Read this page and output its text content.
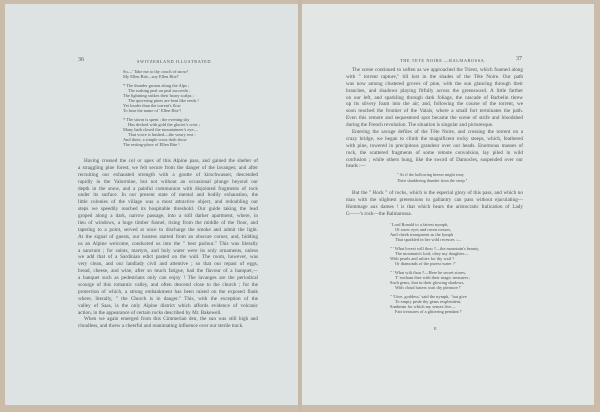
36	SWITZERLAND ILLUSTRATED
So—' Take me to thy couch of snow!
My Ellen Bite—my Ellen Bite!'
* The thunder groans along the Alps ;
The rushing peal on peal succeeds ;
The lightning strikes their hoary scalps ;
The quivering pines are bent like reeds !
Yet louder than the torrent's flow
To hear the name of ' Ellen Bite'!
* The storm is spent ; the evening sky
Has decked with gold the glacier's crest ;
Many hath closed the mountaineer's eye—
That voice is hushed—the weary rest ;
And there, a simple cross doth show
The resting-place of Ellen Bite !
Having crossed the col or apex of this Alpine pass, and gained the shelter of
a straggling pine forest, we felt secure from the danger of the lavanges; and after
recruiting our exhausted strength with a goutte of kirschwasser, descended
rapidly in the Valormine, but not without an occasional plunge beyond our
depth in the snow, and a painful communion with disjointed fragments of rock
under its surface. In our present state of mental and bodily exhaustion, the
little colonies of the village was a most attractive object, and redoubling our
steps we speedily reached its hospitable threshold. Our guide taking the lead
groped along a dark, narrow passage, into a still darker apartment, where, in
lieu of windows, a huge timber funnel, rising from the middle of the floor, and
tapering to a point, served at once to discharge the smoke and admit the light.
At the signal of guests, our hostess started from an obscure corner, and, bidding
us an Alpine welcome, conducted us into the " best parlour." This was literally
a sanctum ; for saints, martyrs, and holy water were its only ornaments, unless
we add that of a Sardinian edict pasted on the wall. The room, however, was
very clean, and our landlady civil and attentive ; so that our repast of eggs,
bread, cheese, and wine, after so much fatigue, had the flavour of a banquet,—
a banquet such as pedestrians only can enjoy ! The lavanges are the periodical
scourge of this romantic valley, and often descend close to the church ; for the
protection of which, a strong embankment has been raised on the exposed flank
where, literally, " the Church is in danger." This, with the exception of the
valley of Saas, is the only Alpine district which affords evidence of volcanic
action, in the appearance of certain rocks described by Mr. Bakewell.
When we again emerged from this Cimmerian den, the sun was still high and
cloudless, and threw a cheerful and reanimating influence over our sterile track.
THE TETE NOIRE.—BALMAROSSA.	37
The scene continued to soften as we approached the Trient, which foamed along
with " torrent rapture," till lost in the shades of the Tête Noire. Our path
was now among clustered groves of pine, with the sun glancing through their
branches, and shadows playing fitfully across the greensward. A little farther
on our left, and sparkling through dark foliage, the cascade of Barbelin threw
up its silvery foam into the air; and, following the course of the torrent, we
soon reached the frontier of the Valais, where a small fort terminates the path.
Even this remote and sequestered spot became the scene of strife and bloodshed
during the French revolution. The situation is singular and picturesque.
Entering the savage defiles of the Tête Noire, and crossing the torrent on a
crazy bridge, we began to climb the magnificent rocky steeps, which, feathered
with pine, towered in precipitous grandeur over our heads. Enormous masses of
rock, the scattered fragments of some remote convulsion, lay piled in wild
confusion ; while others hung, like the sword of Damocles, suspended over our
heads :—
" As if the hollowing breeze might stray
Their shuddering thunder from the steep."
But the " Rock " of rocks, which is the especial glory of this pass, and which no
man with the slightest pretensions to gallantry can pass without ejaculating—
Hommage aux dames ! is that which bears the aristocratic Italication of Lady
G——'s rock—the Balmarossa.
' Lord Ronald to a fairest nymph,
Of snow eyes and raven tresses,
And cheek transparent as the lymph
That sparkled in her wild recesses :—
" ' What lovest will thou ?—the mountain's beauty,
The mountain's lord, obey my daughter—
With pearls and rubies for thy wail ?
Or diamonds of the purest water ?'
" ' What wilt thou ?—Here be secret stores,
T' enchant thee with their magic treasures ;
Such gems, that in their glowing shadows,
With cloud lasters wait thy pleasure !'
" 'Give, goddess,' said the nymph, ' but give
To empty pride thy gems resplendent,
Sunbeam for which my senses live—
Fair treasures of a glittering pendant !'
E
